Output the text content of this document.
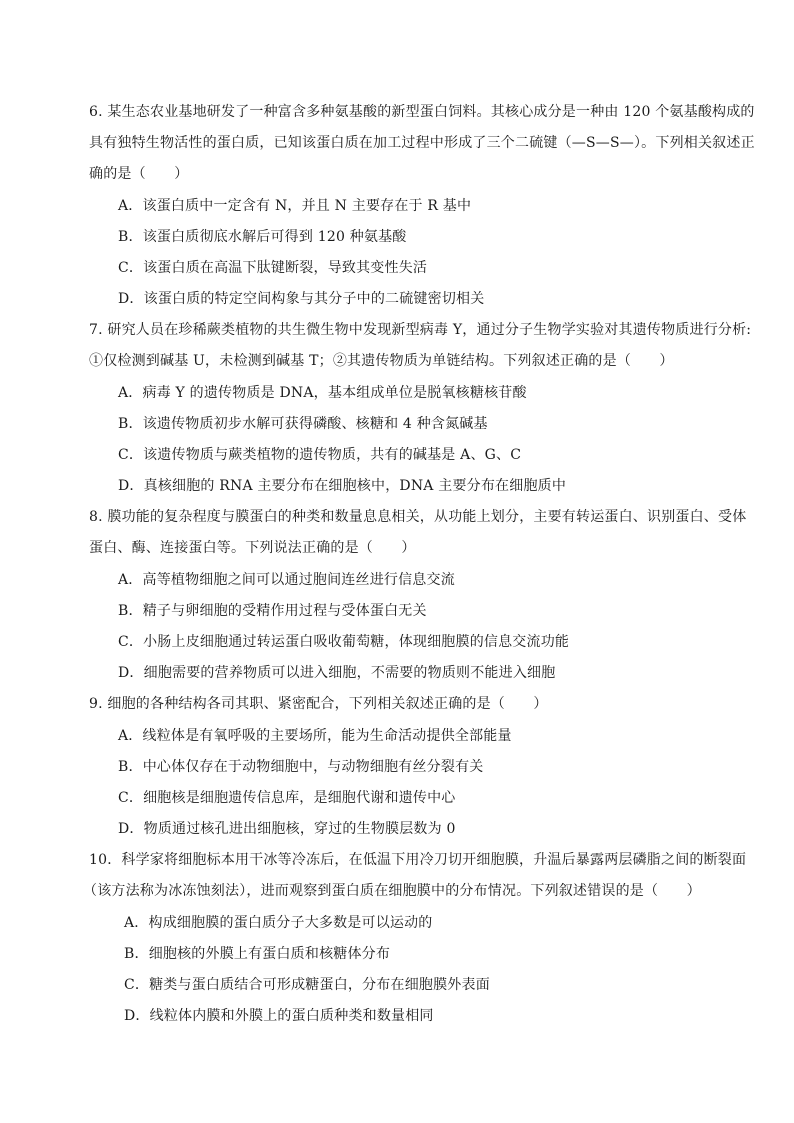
6. 某生态农业基地研发了一种富含多种氨基酸的新型蛋白饲料。其核心成分是一种由 120 个氨基酸构成的
具有独特生物活性的蛋白质，已知该蛋白质在加工过程中形成了三个二硫键（—S—S—）。下列相关叙述正
确的是（　　）
A．该蛋白质中一定含有 N，并且 N 主要存在于 R 基中
B．该蛋白质彻底水解后可得到 120 种氨基酸
C．该蛋白质在高温下肽键断裂，导致其变性失活
D．该蛋白质的特定空间构象与其分子中的二硫键密切相关
7. 研究人员在珍稀蕨类植物的共生微生物中发现新型病毒 Y，通过分子生物学实验对其遗传物质进行分析:
①仅检测到碱基 U，未检测到碱基 T；②其遗传物质为单链结构。下列叙述正确的是（　　）
A．病毒 Y 的遗传物质是 DNA，基本组成单位是脱氧核糖核苷酸
B．该遗传物质初步水解可获得磷酸、核糖和 4 种含氮碱基
C．该遗传物质与蕨类植物的遗传物质，共有的碱基是 A、G、C
D．真核细胞的 RNA 主要分布在细胞核中，DNA 主要分布在细胞质中
8. 膜功能的复杂程度与膜蛋白的种类和数量息息相关，从功能上划分，主要有转运蛋白、识别蛋白、受体
蛋白、酶、连接蛋白等。下列说法正确的是（　　）
A．高等植物细胞之间可以通过胞间连丝进行信息交流
B．精子与卵细胞的受精作用过程与受体蛋白无关
C．小肠上皮细胞通过转运蛋白吸收葡萄糖，体现细胞膜的信息交流功能
D．细胞需要的营养物质可以进入细胞，不需要的物质则不能进入细胞
9. 细胞的各种结构各司其职、紧密配合，下列相关叙述正确的是（　　）
A．线粒体是有氧呼吸的主要场所，能为生命活动提供全部能量
B．中心体仅存在于动物细胞中，与动物细胞有丝分裂有关
C．细胞核是细胞遗传信息库，是细胞代谢和遗传中心
D．物质通过核孔进出细胞核，穿过的生物膜层数为 0
10．科学家将细胞标本用干冰等冷冻后，在低温下用冷刀切开细胞膜，升温后暴露两层磷脂之间的断裂面
（该方法称为冰冻蚀刻法），进而观察到蛋白质在细胞膜中的分布情况。下列叙述错误的是（　　）
A．构成细胞膜的蛋白质分子大多数是可以运动的
B．细胞核的外膜上有蛋白质和核糖体分布
C．糖类与蛋白质结合可形成糖蛋白，分布在细胞膜外表面
D．线粒体内膜和外膜上的蛋白质种类和数量相同
